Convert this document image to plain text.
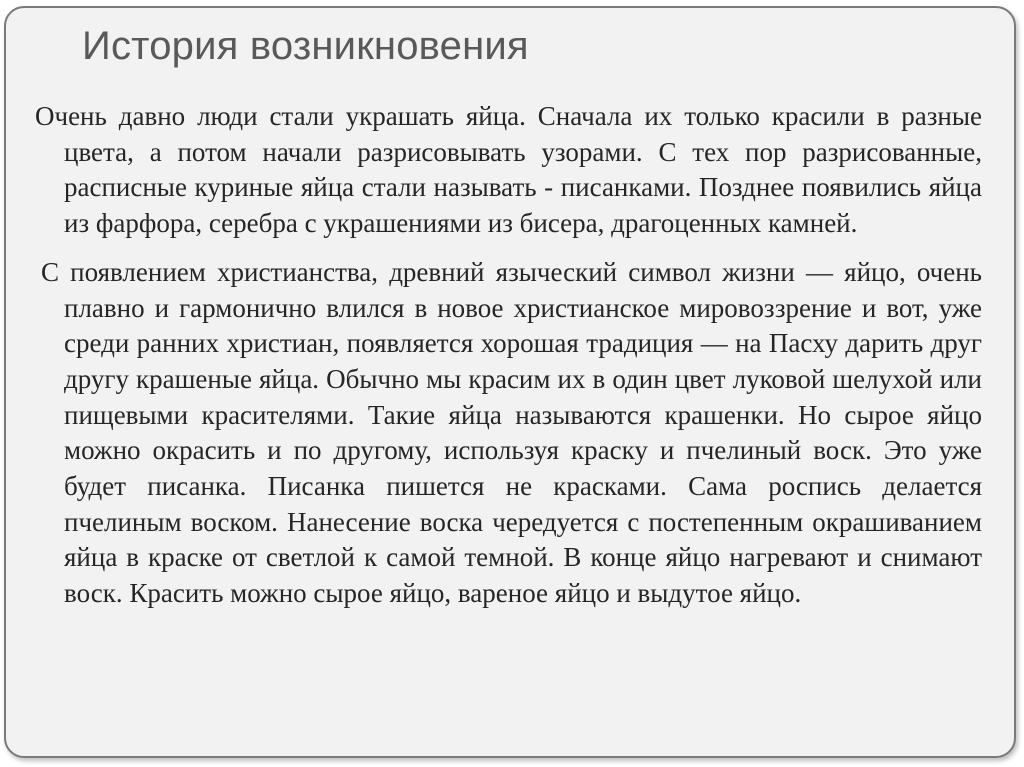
История возникновения

Очень давно люди стали украшать яйца. Сначала их только красили в разные цвета, а потом начали разрисовывать узорами. С тех пор разрисованные, расписные куриные яйца стали называть - писанками. Позднее появились яйца из фарфора, серебра с украшениями из бисера, драгоценных камней.

С появлением христианства, древний языческий символ жизни — яйцо, очень плавно и гармонично влился в новое христианское мировоззрение и вот, уже среди ранних христиан, появляется хорошая традиция — на Пасху дарить друг другу крашеные яйца. Обычно мы красим их в один цвет луковой шелухой или пищевыми красителями. Такие яйца называются крашенки. Но сырое яйцо можно окрасить и по другому, используя краску и пчелиный воск. Это уже будет писанка. Писанка пишется не красками. Сама роспись делается пчелиным воском. Нанесение воска чередуется с постепенным окрашиванием яйца в краске от светлой к самой темной. В конце яйцо нагревают и снимают воск. Красить можно сырое яйцо, вареное яйцо и выдутое яйцо.
